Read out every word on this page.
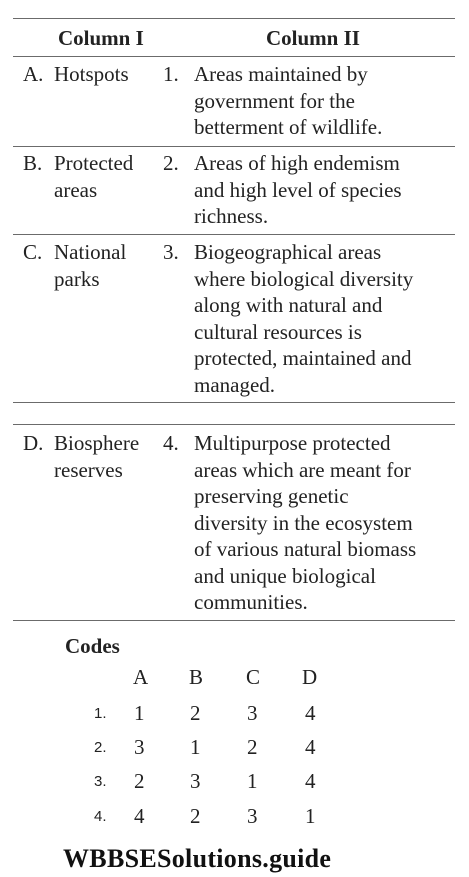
Column I	Column II
A. Hotspots 1. Areas maintained by
government for the
betterment of wildlife.
B. Protected
areas
2. Areas of high endemism
and high level of species
richness.
C. National
parks
3. Biogeographical areas
where biological diversity
along with natural and
cultural resources is
protected, maintained and
managed.
D. Biosphere
reserves
4. Multipurpose protected
areas which are meant for
preserving genetic
diversity in the ecosystem
of various natural biomass
and unique biological
communities.
Codes
A B C D
1. 1 2 3 4
2. 3 1 2 4
3. 2 3 1 4
4. 4 2 3 1
WBBSESolutions.guide
